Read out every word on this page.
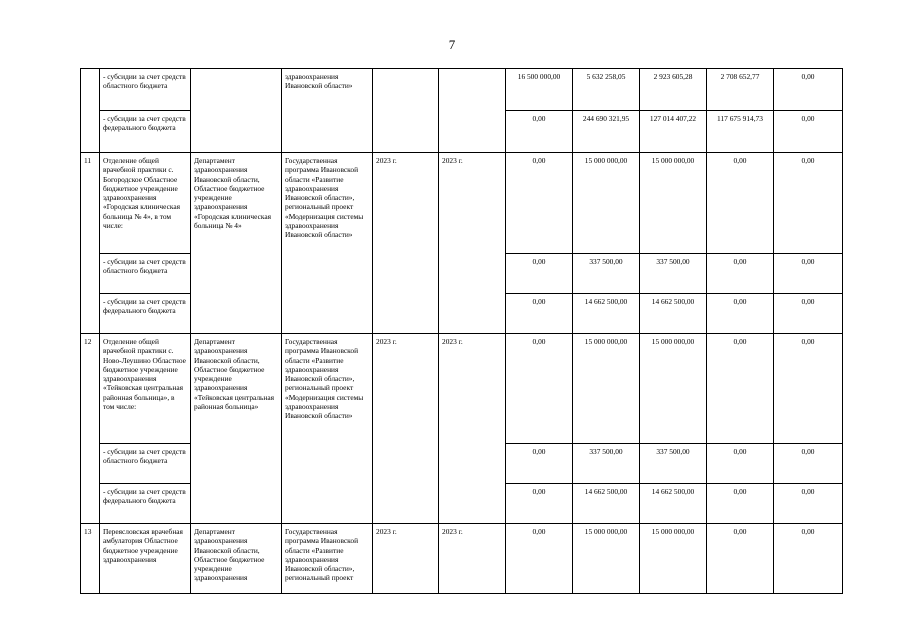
7
	- субсидии за счет средств областного бюджета		здравоохранения Ивановской области»			16 500 000,00	5 632 258,05	2 923 605,28	2 708 652,77	0,00
	- субсидии за счет средств федерального бюджета					0,00	244 690 321,95	127 014 407,22	117 675 914,73	0,00
11	Отделение общей врачебной практики с. Богородское Областное бюджетное учреждение здравоохранения «Городская клиническая больница № 4», в том числе:	Департамент здравоохранения Ивановской области, Областное бюджетное учреждение здравоохранения «Городская клиническая больница № 4»	Государственная программа Ивановской области «Развитие здравоохранения Ивановской области», региональный проект «Модернизация системы здравоохранения Ивановской области»	2023 г.	2023 г.	0,00	15 000 000,00	15 000 000,00	0,00	0,00
	- субсидии за счет средств областного бюджета					0,00	337 500,00	337 500,00	0,00	0,00
	- субсидии за счет средств федерального бюджета					0,00	14 662 500,00	14 662 500,00	0,00	0,00
12	Отделение общей врачебной практики с. Ново-Леушино Областное бюджетное учреждение здравоохранения «Тейковская центральная районная больница», в том числе:	Департамент здравоохранения Ивановской области, Областное бюджетное учреждение здравоохранения «Тейковская центральная районная больница»	Государственная программа Ивановской области «Развитие здравоохранения Ивановской области», региональный проект «Модернизация системы здравоохранения Ивановской области»	2023 г.	2023 г.	0,00	15 000 000,00	15 000 000,00	0,00	0,00
	- субсидии за счет средств областного бюджета					0,00	337 500,00	337 500,00	0,00	0,00
	- субсидии за счет средств федерального бюджета					0,00	14 662 500,00	14 662 500,00	0,00	0,00
13	Переясловская врачебная амбулатория Областное бюджетное учреждение здравоохранения	Департамент здравоохранения Ивановской области, Областное бюджетное учреждение здравоохранения	Государственная программа Ивановской области «Развитие здравоохранения Ивановской области», региональный проект	2023 г.	2023 г.	0,00	15 000 000,00	15 000 000,00	0,00	0,00
